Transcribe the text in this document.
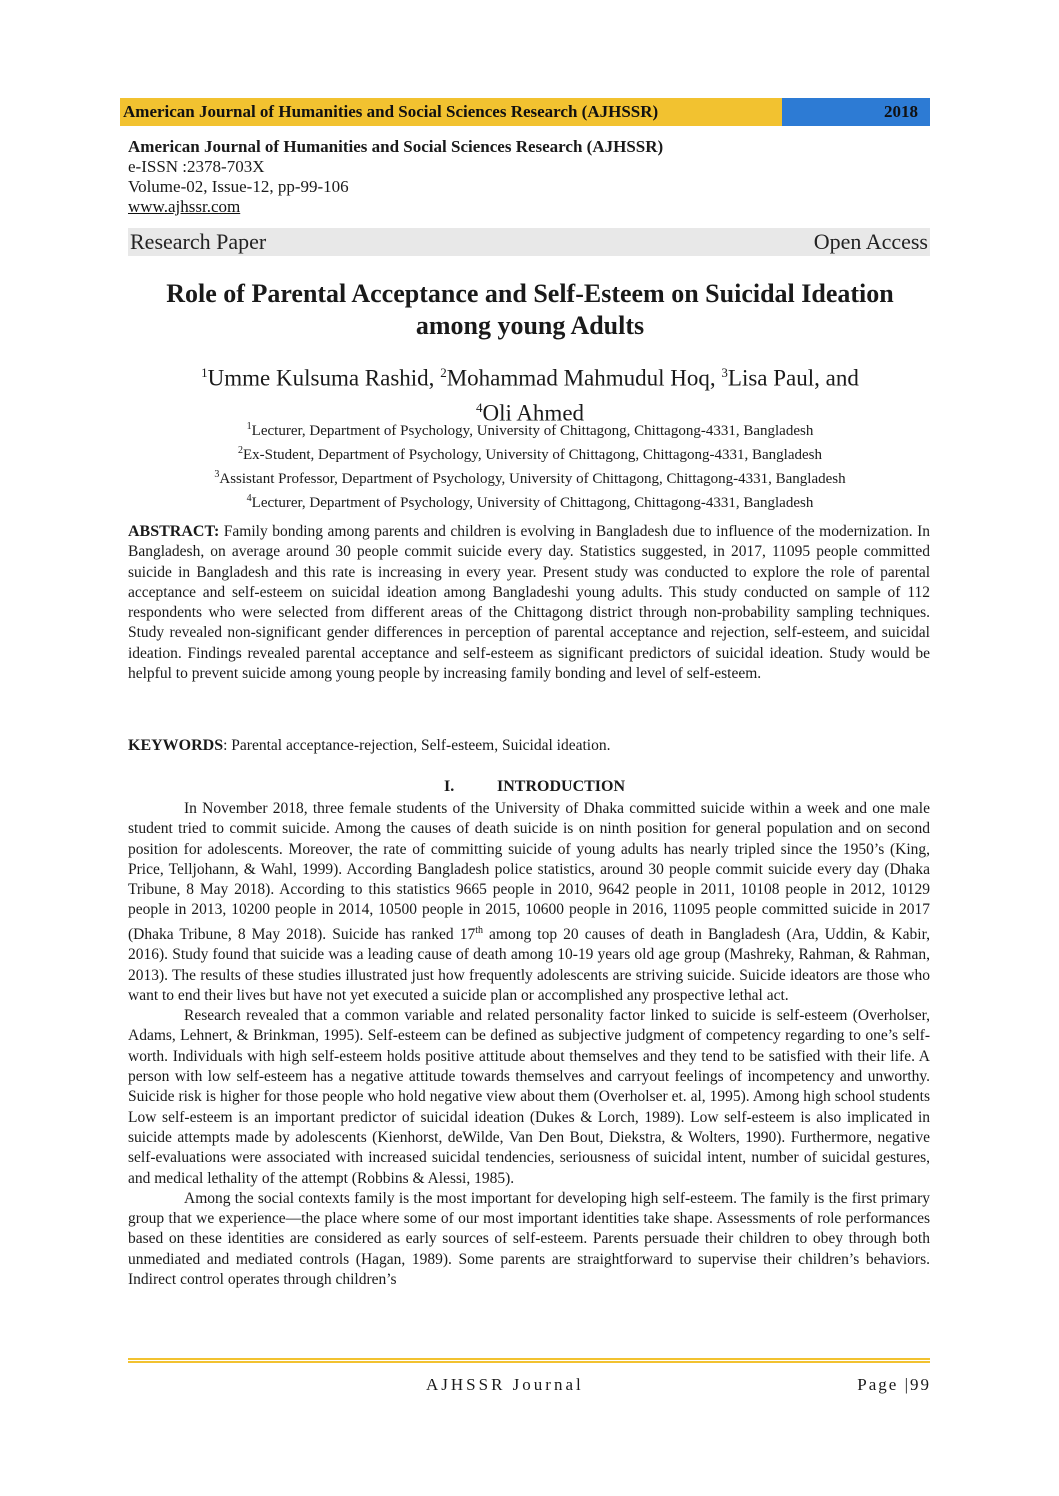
American Journal of Humanities and Social Sciences Research (AJHSSR)	2018
American Journal of Humanities and Social Sciences Research (AJHSSR)
e-ISSN :2378-703X
Volume-02, Issue-12, pp-99-106
www.ajhssr.com
Research Paper	Open Access
Role of Parental Acceptance and Self-Esteem on Suicidal Ideation
among young Adults
$^1$Umme Kulsuma Rashid, $^2$Mohammad Mahmudul Hoq, $^3$Lisa Paul, and
$^4$Oli Ahmed
$^1$Lecturer, Department of Psychology, University of Chittagong, Chittagong-4331, Bangladesh
$^2$Ex-Student, Department of Psychology, University of Chittagong, Chittagong-4331, Bangladesh
$^3$Assistant Professor, Department of Psychology, University of Chittagong, Chittagong-4331, Bangladesh
$^4$Lecturer, Department of Psychology, University of Chittagong, Chittagong-4331, Bangladesh
ABSTRACT: Family bonding among parents and children is evolving in Bangladesh due to influence of the modernization. In Bangladesh, on average around 30 people commit suicide every day. Statistics suggested, in 2017, 11095 people committed suicide in Bangladesh and this rate is increasing in every year. Present study was conducted to explore the role of parental acceptance and self-esteem on suicidal ideation among Bangladeshi young adults. This study conducted on sample of 112 respondents who were selected from different areas of the Chittagong district through non-probability sampling techniques. Study revealed non-significant gender differences in perception of parental acceptance and rejection, self-esteem, and suicidal ideation. Findings revealed parental acceptance and self-esteem as significant predictors of suicidal ideation. Study would be helpful to prevent suicide among young people by increasing family bonding and level of self-esteem.
KEYWORDS: Parental acceptance-rejection, Self-esteem, Suicidal ideation.
I.	INTRODUCTION

In November 2018, three female students of the University of Dhaka committed suicide within a week and one male student tried to commit suicide. Among the causes of death suicide is on ninth position for general population and on second position for adolescents. Moreover, the rate of committing suicide of young adults has nearly tripled since the 1950’s (King, Price, Telljohann, & Wahl, 1999). According Bangladesh police statistics, around 30 people commit suicide every day (Dhaka Tribune, 8 May 2018). According to this statistics 9665 people in 2010, 9642 people in 2011, 10108 people in 2012, 10129 people in 2013, 10200 people in 2014, 10500 people in 2015, 10600 people in 2016, 11095 people committed suicide in 2017 (Dhaka Tribune, 8 May 2018). Suicide has ranked 17th among top 20 causes of death in Bangladesh (Ara, Uddin, & Kabir, 2016). Study found that suicide was a leading cause of death among 10-19 years old age group (Mashreky, Rahman, & Rahman, 2013). The results of these studies illustrated just how frequently adolescents are striving suicide. Suicide ideators are those who want to end their lives but have not yet executed a suicide plan or accomplished any prospective lethal act.

Research revealed that a common variable and related personality factor linked to suicide is self-esteem (Overholser, Adams, Lehnert, & Brinkman, 1995). Self-esteem can be defined as subjective judgment of competency regarding to one’s self-worth. Individuals with high self-esteem holds positive attitude about themselves and they tend to be satisfied with their life. A person with low self-esteem has a negative attitude towards themselves and carryout feelings of incompetency and unworthy. Suicide risk is higher for those people who hold negative view about them (Overholser et. al, 1995). Among high school students Low self-esteem is an important predictor of suicidal ideation (Dukes & Lorch, 1989). Low self-esteem is also implicated in suicide attempts made by adolescents (Kienhorst, deWilde, Van Den Bout, Diekstra, & Wolters, 1990). Furthermore, negative self-evaluations were associated with increased suicidal tendencies, seriousness of suicidal intent, number of suicidal gestures, and medical lethality of the attempt (Robbins & Alessi, 1985).

Among the social contexts family is the most important for developing high self-esteem. The family is the first primary group that we experience—the place where some of our most important identities take shape. Assessments of role performances based on these identities are considered as early sources of self-esteem. Parents persuade their children to obey through both unmediated and mediated controls (Hagan, 1989). Some parents are straightforward to supervise their children’s behaviors. Indirect control operates through children’s

AJHSSR Journal	Page |99
